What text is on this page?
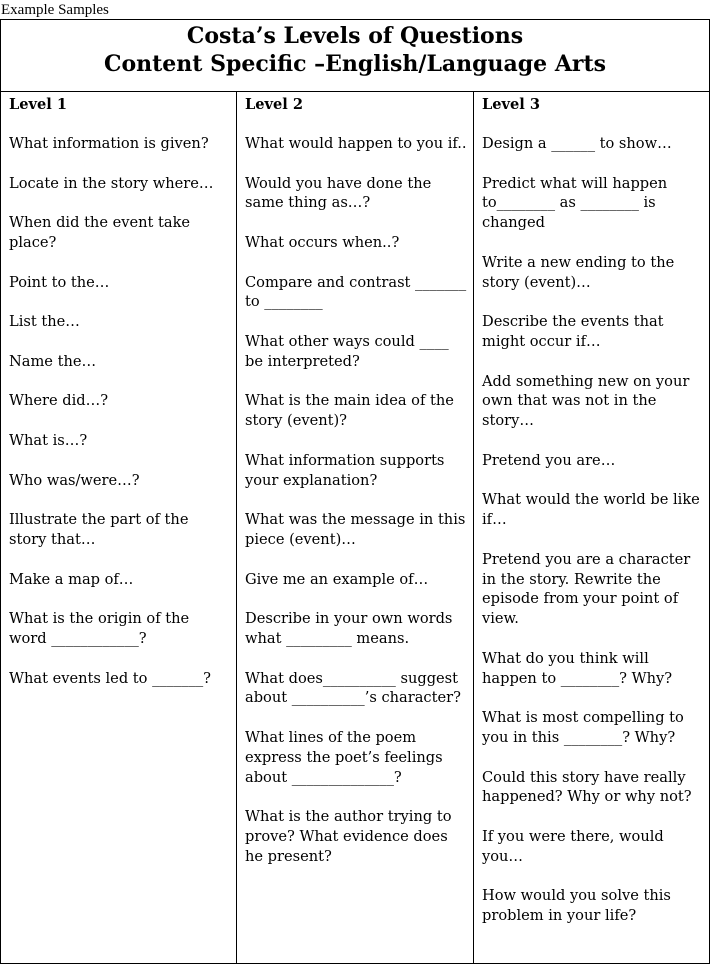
Example Samples
Costa’s Levels of Questions
Content Specific –English/Language Arts
Level 1

What information is given?

Locate in the story where…

When did the event take place?

Point to the…

List the…

Name the…

Where did…?

What is…?

Who was/were…?

Illustrate the part of the story that…

Make a map of…

What is the origin of the word ____________?

What events led to _______?

Level 2

What would happen to you if..

Would you have done the same thing as…?

What occurs when..?

Compare and contrast _______ to ________

What other ways could ____ be interpreted?

What is the main idea of the story (event)?

What information supports your explanation?

What was the message in this piece (event)…

Give me an example of…

Describe in your own words what _________ means.

What does__________ suggest about __________’s character?

What lines of the poem express the poet’s feelings about ______________?

What is the author trying to prove? What evidence does he present?

Level 3

Design a ______ to show…

Predict what will happen to________ as ________ is changed

Write a new ending to the story (event)…

Describe the events that might occur if…

Add something new on your own that was not in the story…

Pretend you are…

What would the world be like if…

Pretend you are a character in the story. Rewrite the episode from your point of view.

What do you think will happen to ________? Why?

What is most compelling to you in this ________? Why?

Could this story have really happened? Why or why not?

If you were there, would you…

How would you solve this problem in your life?
